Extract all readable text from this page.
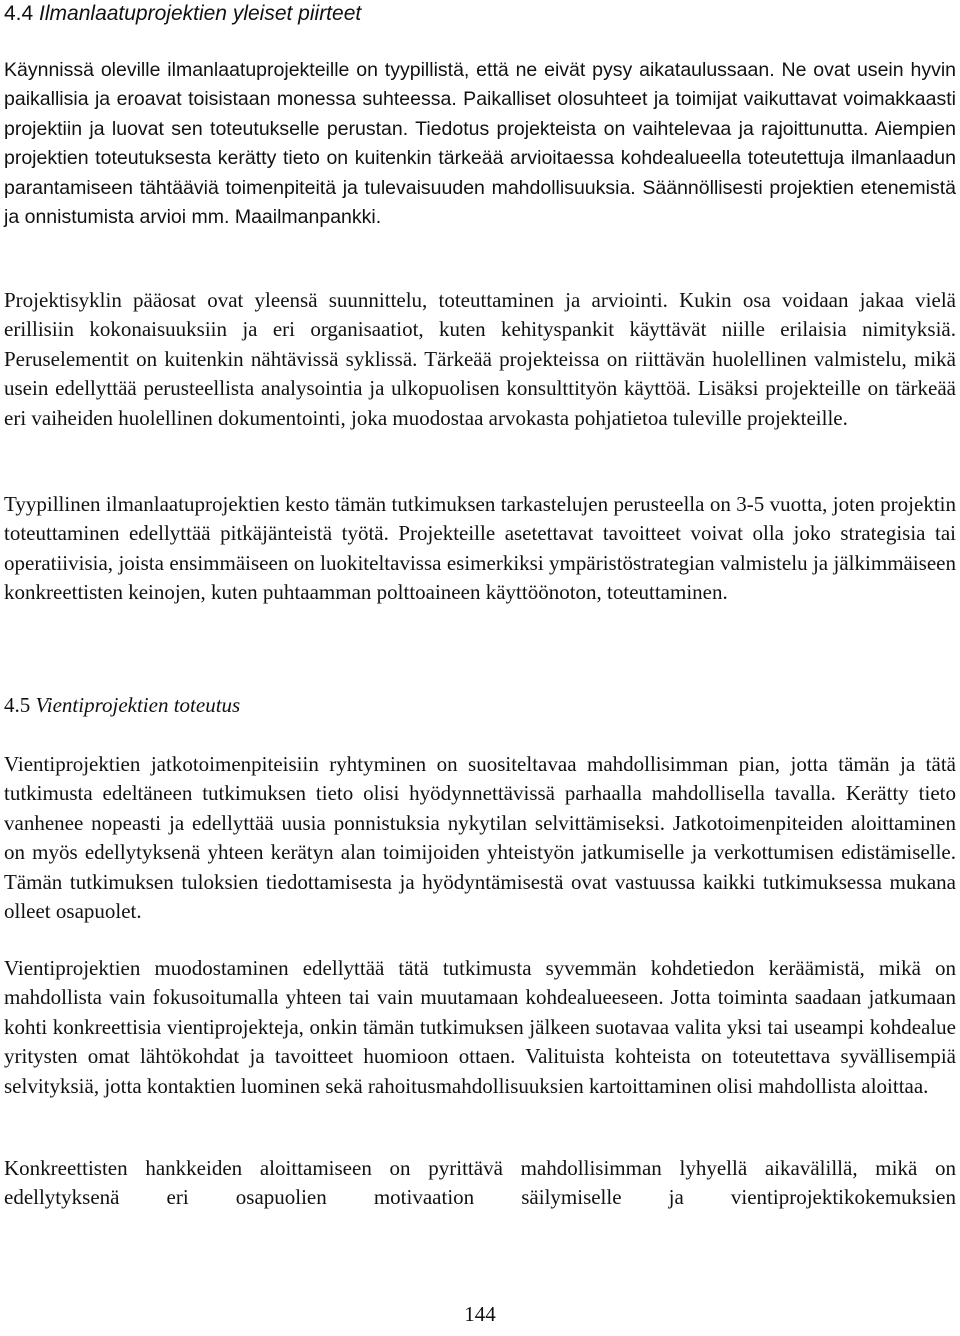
4.4 Ilmanlaatuprojektien yleiset piirteet

Käynnissä oleville ilmanlaatuprojekteille on tyypillistä, että ne eivät pysy aikataulussaan. Ne ovat usein hyvin paikallisia ja eroavat toisistaan monessa suhteessa. Paikalliset olosuhteet ja toimijat vaikuttavat voimakkaasti projektiin ja luovat sen toteutukselle perustan. Tiedotus projekteista on vaihtelevaa ja rajoittunutta. Aiempien projektien toteutuksesta kerätty tieto on kuitenkin tärkeää arvioitaessa kohdealueella toteutettuja ilmanlaadun parantamiseen tähtääviä toimenpiteitä ja tulevaisuuden mahdollisuuksia. Säännöllisesti projektien etenemistä ja onnistumista arvioi mm. Maailmanpankki.

Projektisyklin pääosat ovat yleensä suunnittelu, toteuttaminen ja arviointi. Kukin osa voidaan jakaa vielä erillisiin kokonaisuuksiin ja eri organisaatiot, kuten kehityspankit käyttävät niille erilaisia nimityksiä. Peruselementit on kuitenkin nähtävissä syklissä. Tärkeää projekteissa on riittävän huolellinen valmistelu, mikä usein edellyttää perusteellista analysointia ja ulkopuolisen konsulttityön käyttöä. Lisäksi projekteille on tärkeää eri vaiheiden huolellinen dokumentointi, joka muodostaa arvokasta pohjatietoa tuleville projekteille.

Tyypillinen ilmanlaatuprojektien kesto tämän tutkimuksen tarkastelujen perusteella on 3-5 vuotta, joten projektin toteuttaminen edellyttää pitkäjänteistä työtä. Projekteille asetettavat tavoitteet voivat olla joko strategisia tai operatiivisia, joista ensimmäiseen on luokiteltavissa esimerkiksi ympäristöstrategian valmistelu ja jälkimmäiseen konkreettisten keinojen, kuten puhtaamman polttoaineen käyttöönoton, toteuttaminen.

4.5 Vientiprojektien toteutus

Vientiprojektien jatkotoimenpiteisiin ryhtyminen on suositeltavaa mahdollisimman pian, jotta tämän ja tätä tutkimusta edeltäneen tutkimuksen tieto olisi hyödynnettävissä parhaalla mahdollisella tavalla. Kerätty tieto vanhenee nopeasti ja edellyttää uusia ponnistuksia nykytilan selvittämiseksi. Jatkotoimenpiteiden aloittaminen on myös edellytyksenä yhteen kerätyn alan toimijoiden yhteistyön jatkumiselle ja verkottumisen edistämiselle. Tämän tutkimuksen tuloksien tiedottamisesta ja hyödyntämisestä ovat vastuussa kaikki tutkimuksessa mukana olleet osapuolet.

Vientiprojektien muodostaminen edellyttää tätä tutkimusta syvemmän kohdetiedon keräämistä, mikä on mahdollista vain fokusoitumalla yhteen tai vain muutamaan kohdealueeseen. Jotta toiminta saadaan jatkumaan kohti konkreettisia vientiprojekteja, onkin tämän tutkimuksen jälkeen suotavaa valita yksi tai useampi kohdealue yritysten omat lähtökohdat ja tavoitteet huomioon ottaen. Valituista kohteista on toteutettava syvällisempiä selvityksiä, jotta kontaktien luominen sekä rahoitusmahdollisuuksien kartoittaminen olisi mahdollista aloittaa.

Konkreettisten hankkeiden aloittamiseen on pyrittävä mahdollisimman lyhyellä aikavälillä, mikä on edellytyksenä eri osapuolien motivaation säilymiselle ja vientiprojektikokemuksien

144
